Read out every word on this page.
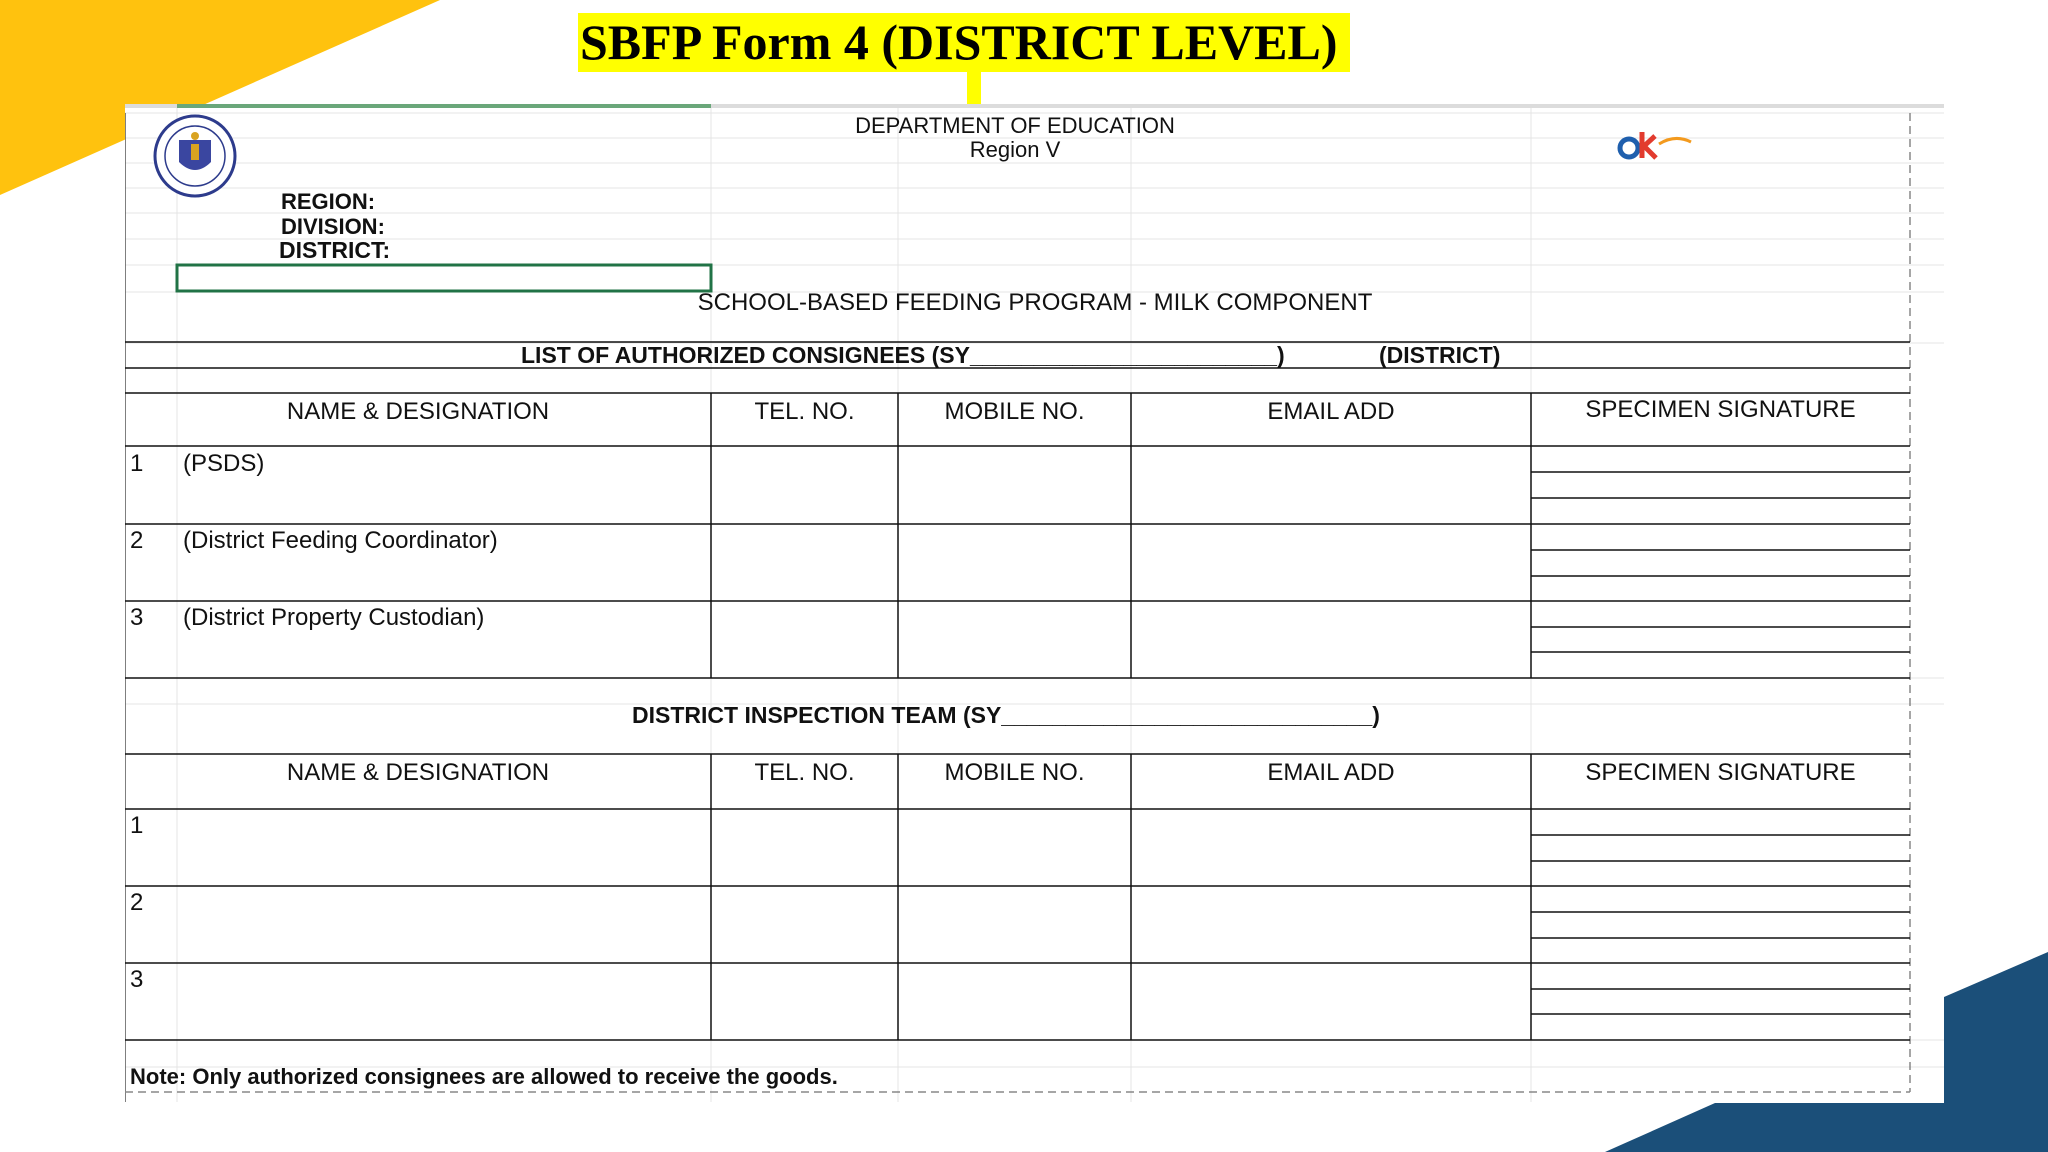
SBFP Form 4 (DISTRICT LEVEL)
DEPARTMENT OF EDUCATION
Region V
REGION:
DIVISION:
DISTRICT:
SCHOOL-BASED FEEDING PROGRAM - MILK COMPONENT
LIST OF AUTHORIZED CONSIGNEES (SY________________________)	(DISTRICT)
NAME & DESIGNATION	TEL. NO.	MOBILE NO.	EMAIL ADD	SPECIMEN SIGNATURE
1 (PSDS)
2 (District Feeding Coordinator)
3 (District Property Custodian)
DISTRICT INSPECTION TEAM (SY_____________________________)
NAME & DESIGNATION	TEL. NO.	MOBILE NO.	EMAIL ADD	SPECIMEN SIGNATURE
1
2
3
Note: Only authorized consignees are allowed to receive the goods.
